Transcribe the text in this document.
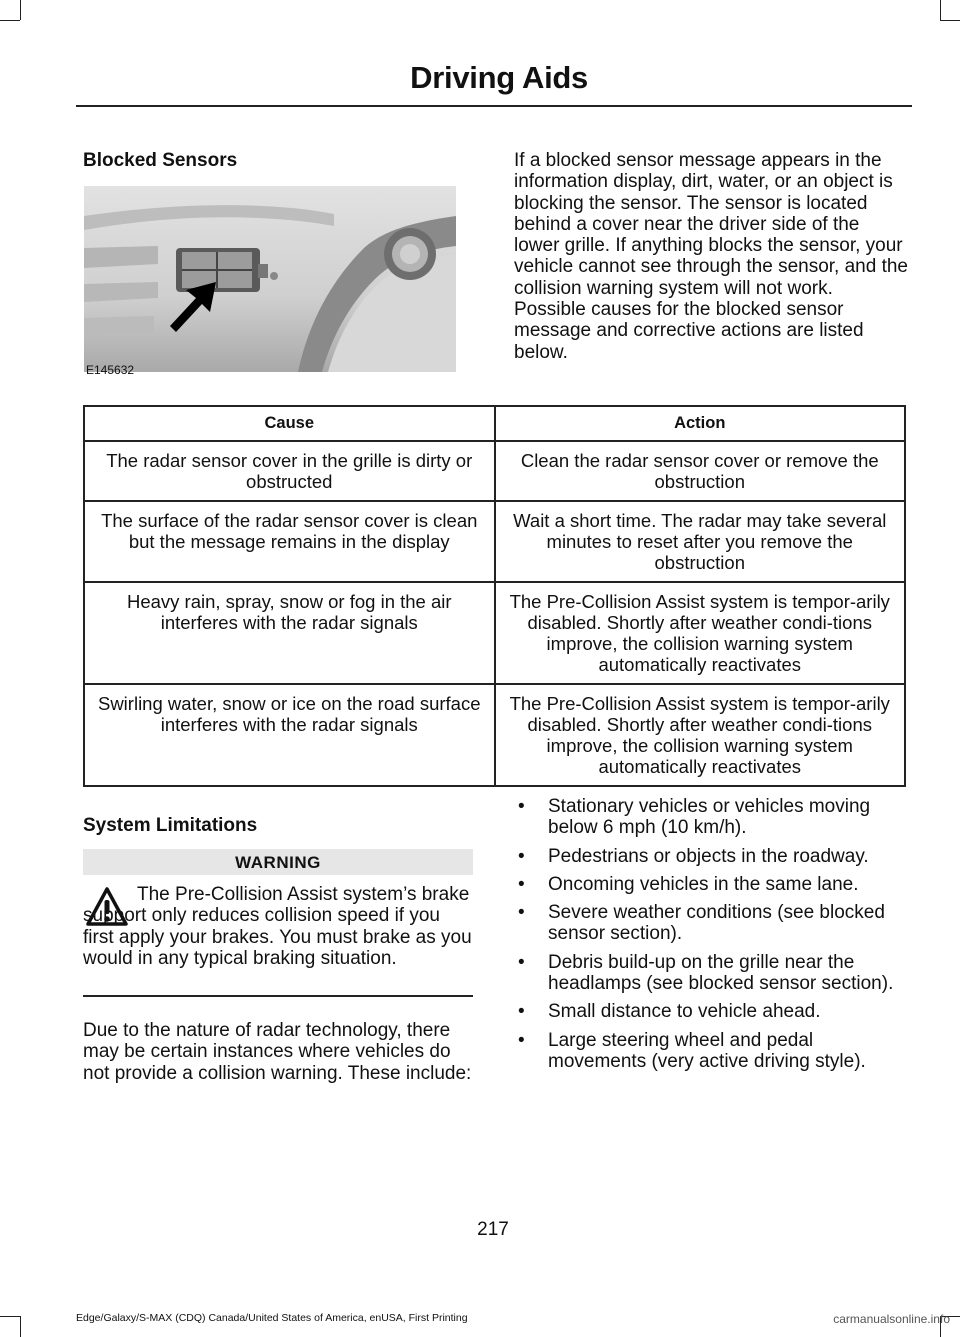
Driving Aids
Blocked Sensors
E145632
If a blocked sensor message appears in the information display, dirt, water, or an object is blocking the sensor. The sensor is located behind a cover near the driver side of the lower grille. If anything blocks the sensor, your vehicle cannot see through the sensor, and the collision warning system will not work. Possible causes for the blocked sensor message and corrective actions are listed below.
Cause	Action
The radar sensor cover in the grille is dirty or obstructed	Clean the radar sensor cover or remove the obstruction
The surface of the radar sensor cover is clean but the message remains in the display	Wait a short time. The radar may take several minutes to reset after you remove the obstruction
Heavy rain, spray, snow or fog in the air interferes with the radar signals	The Pre-Collision Assist system is tempor-arily disabled. Shortly after weather condi-tions improve, the collision warning system automatically reactivates
Swirling water, snow or ice on the road surface interferes with the radar signals	The Pre-Collision Assist system is tempor-arily disabled. Shortly after weather condi-tions improve, the collision warning system automatically reactivates
System Limitations
WARNING
The Pre-Collision Assist system’s brake support only reduces collision speed if you first apply your brakes. You must brake as you would in any typical braking situation.
Due to the nature of radar technology, there may be certain instances where vehicles do not provide a collision warning. These include:
• Stationary vehicles or vehicles moving below 6 mph (10 km/h).
• Pedestrians or objects in the roadway.
• Oncoming vehicles in the same lane.
• Severe weather conditions (see blocked sensor section).
• Debris build-up on the grille near the headlamps (see blocked sensor section).
• Small distance to vehicle ahead.
• Large steering wheel and pedal movements (very active driving style).
217
Edge/Galaxy/S-MAX (CDQ) Canada/United States of America, enUSA, First Printing	carmanualsonline.info
